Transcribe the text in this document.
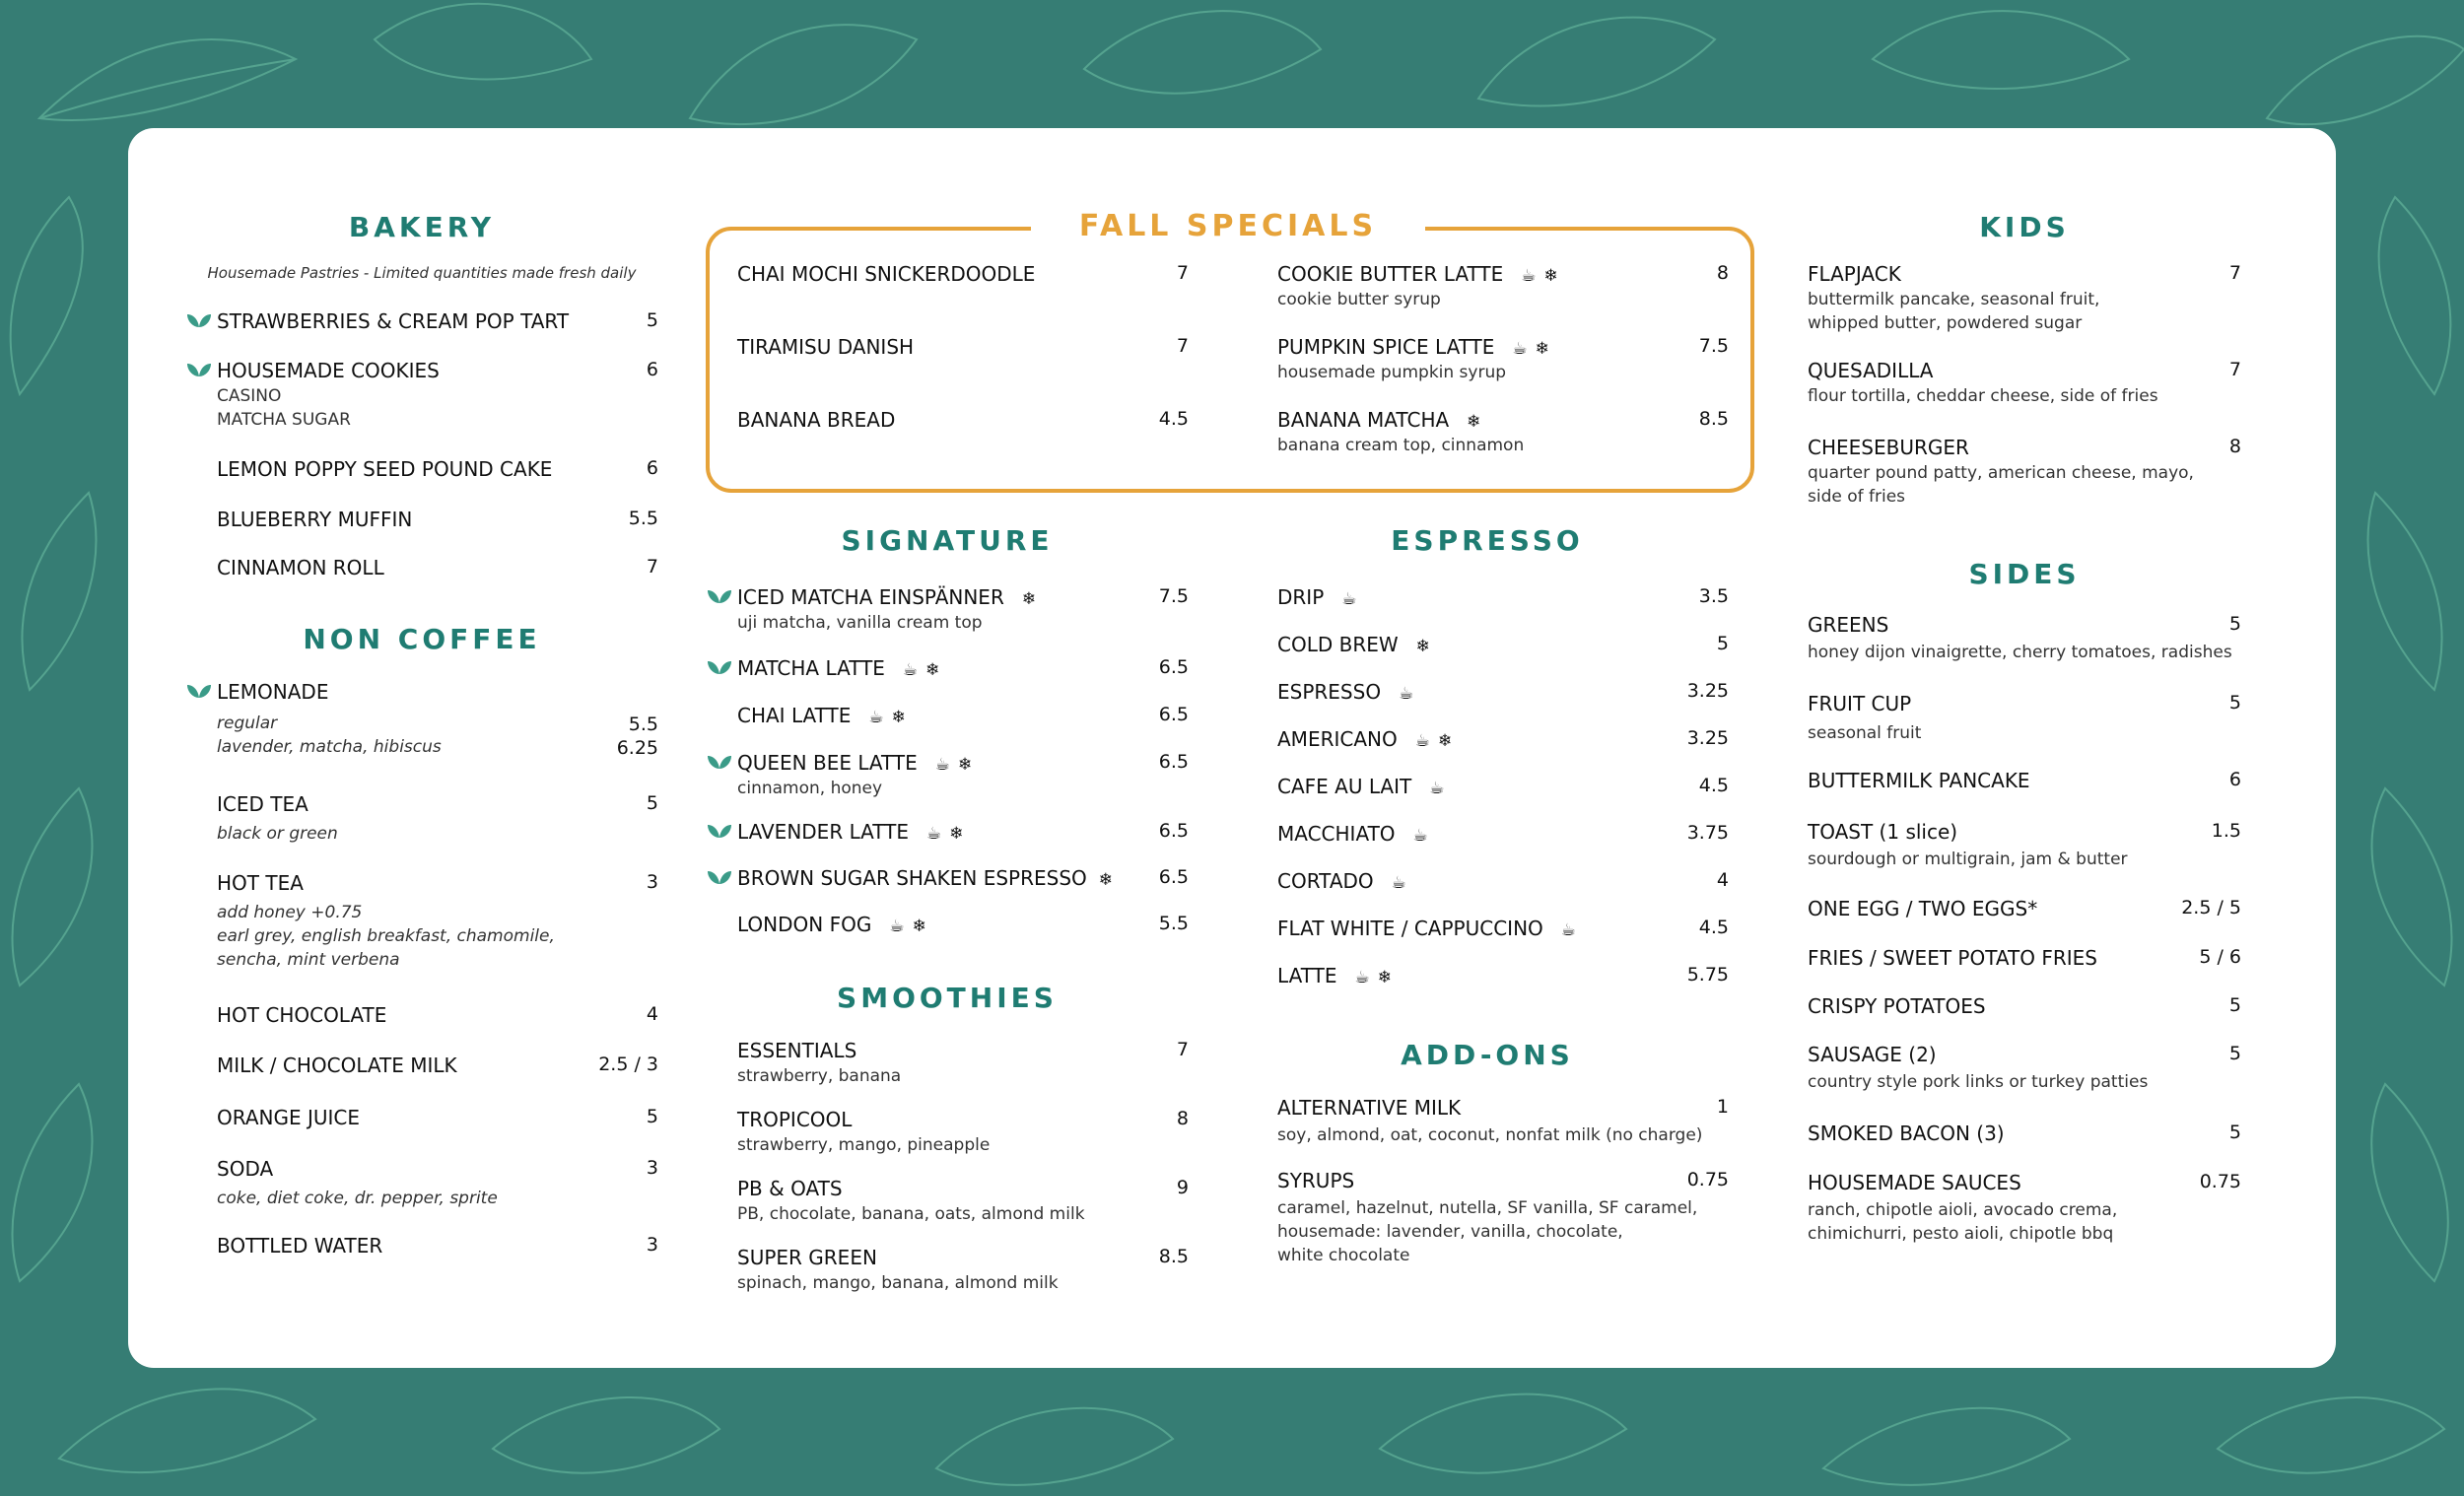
BAKERY
Housemade Pastries - Limited quantities made fresh daily
STRAWBERRIES & CREAM POP TART	5
HOUSEMADE COOKIES	6
CASINO
MATCHA SUGAR
LEMON POPPY SEED POUND CAKE	6
BLUEBERRY MUFFIN	5.5
CINNAMON ROLL	7
NON COFFEE
LEMONADE
regular	5.5
lavender, matcha, hibiscus	6.25
ICED TEA	5
black or green
HOT TEA	3
add honey +0.75
earl grey, english breakfast, chamomile,
sencha, mint verbena
HOT CHOCOLATE	4
MILK / CHOCOLATE MILK	2.5 / 3
ORANGE JUICE	5
SODA	3
coke, diet coke, dr. pepper, sprite
BOTTLED WATER	3
FALL SPECIALS
CHAI MOCHI SNICKERDOODLE	7
TIRAMISU DANISH	7
BANANA BREAD	4.5
COOKIE BUTTER LATTE ☕ ❄	8
cookie butter syrup
PUMPKIN SPICE LATTE ☕ ❄	7.5
housemade pumpkin syrup
BANANA MATCHA ❄	8.5
banana cream top, cinnamon
SIGNATURE
ICED MATCHA EINSPÄNNER ❄	7.5
uji matcha, vanilla cream top
MATCHA LATTE ☕ ❄	6.5
CHAI LATTE ☕ ❄	6.5
QUEEN BEE LATTE ☕ ❄	6.5
cinnamon, honey
LAVENDER LATTE ☕ ❄	6.5
BROWN SUGAR SHAKEN ESPRESSO ❄	6.5
LONDON FOG ☕ ❄	5.5
SMOOTHIES
ESSENTIALS	7
strawberry, banana
TROPICOOL	8
strawberry, mango, pineapple
PB & OATS	9
PB, chocolate, banana, oats, almond milk
SUPER GREEN	8.5
spinach, mango, banana, almond milk
ESPRESSO
DRIP ☕	3.5
COLD BREW ❄	5
ESPRESSO ☕	3.25
AMERICANO ☕ ❄	3.25
CAFE AU LAIT ☕	4.5
MACCHIATO ☕	3.75
CORTADO ☕	4
FLAT WHITE / CAPPUCCINO ☕	4.5
LATTE ☕ ❄	5.75
ADD-ONS
ALTERNATIVE MILK	1
soy, almond, oat, coconut, nonfat milk (no charge)
SYRUPS	0.75
caramel, hazelnut, nutella, SF vanilla, SF caramel,
housemade: lavender, vanilla, chocolate,
white chocolate
KIDS
FLAPJACK	7
buttermilk pancake, seasonal fruit,
whipped butter, powdered sugar
QUESADILLA	7
flour tortilla, cheddar cheese, side of fries
CHEESEBURGER	8
quarter pound patty, american cheese, mayo,
side of fries
SIDES
GREENS	5
honey dijon vinaigrette, cherry tomatoes, radishes
FRUIT CUP	5
seasonal fruit
BUTTERMILK PANCAKE	6
TOAST (1 slice)	1.5
sourdough or multigrain, jam & butter
ONE EGG / TWO EGGS*	2.5 / 5
FRIES / SWEET POTATO FRIES	5 / 6
CRISPY POTATOES	5
SAUSAGE (2)	5
country style pork links or turkey patties
SMOKED BACON (3)	5
HOUSEMADE SAUCES	0.75
ranch, chipotle aioli, avocado crema,
chimichurri, pesto aioli, chipotle bbq
